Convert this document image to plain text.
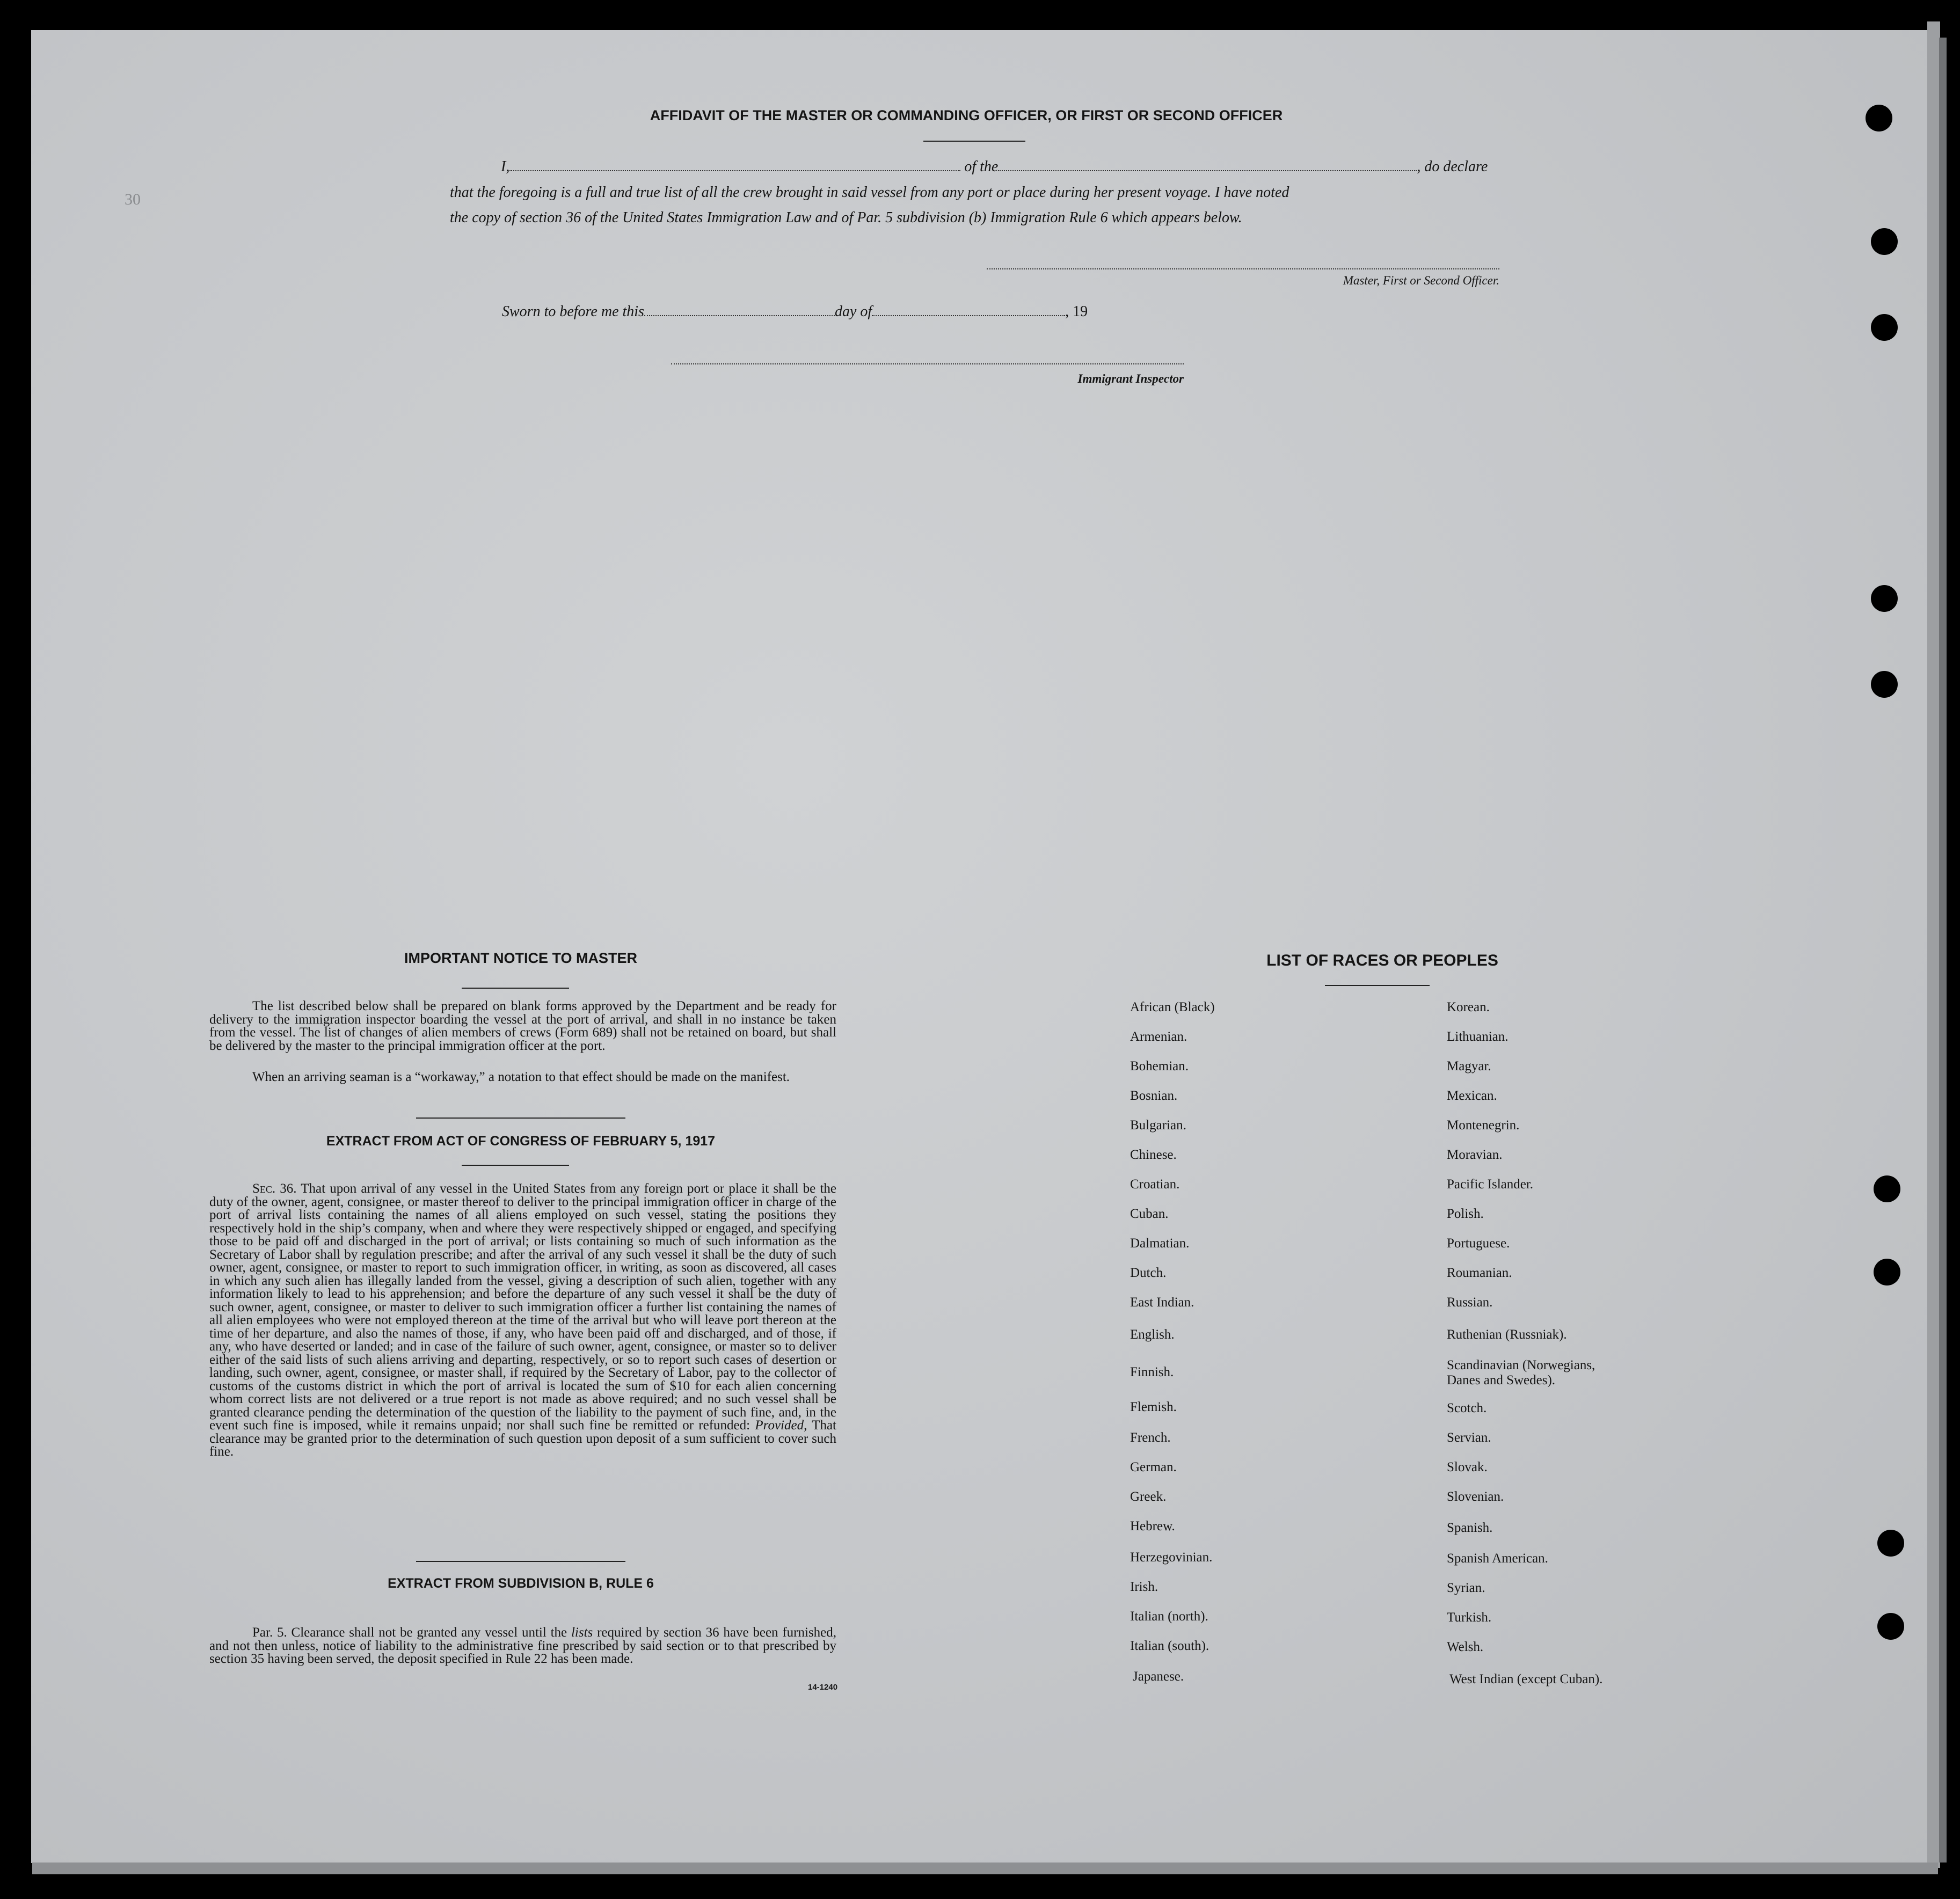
30
AFFIDAVIT OF THE MASTER OR COMMANDING OFFICER, OR FIRST OR SECOND OFFICER
I,	of the	, do declare
that the foregoing is a full and true list of all the crew brought in said vessel from any port or place during her present voyage. I have noted
the copy of section 36 of the United States Immigration Law and of Par. 5 subdivision (b) Immigration Rule 6 which appears below.
Master, First or Second Officer.
Sworn to before me this	day of	, 19
Immigrant Inspector
IMPORTANT NOTICE TO MASTER
The list described below shall be prepared on blank forms approved by the Department and be ready for delivery to the immigration inspector boarding the vessel at the port of arrival, and shall in no instance be taken from the vessel. The list of changes of alien members of crews (Form 689) shall not be retained on board, but shall be delivered by the master to the principal immigration officer at the port.
When an arriving seaman is a “workaway,” a notation to that effect should be made on the manifest.
EXTRACT FROM ACT OF CONGRESS OF FEBRUARY 5, 1917
Sec. 36. That upon arrival of any vessel in the United States from any foreign port or place it shall be the duty of the owner, agent, consignee, or master thereof to deliver to the principal immigration officer in charge of the port of arrival lists containing the names of all aliens employed on such vessel, stating the positions they respectively hold in the ship’s company, when and where they were respectively shipped or engaged, and specifying those to be paid off and discharged in the port of arrival; or lists containing so much of such information as the Secretary of Labor shall by regulation prescribe; and after the arrival of any such vessel it shall be the duty of such owner, agent, consignee, or master to report to such immigration officer, in writing, as soon as discovered, all cases in which any such alien has illegally landed from the vessel, giving a description of such alien, together with any information likely to lead to his apprehension; and before the departure of any such vessel it shall be the duty of such owner, agent, consignee, or master to deliver to such immigration officer a further list containing the names of all alien employees who were not employed thereon at the time of the arrival but who will leave port thereon at the time of her departure, and also the names of those, if any, who have been paid off and discharged, and of those, if any, who have deserted or landed; and in case of the failure of such owner, agent, consignee, or master so to deliver either of the said lists of such aliens arriving and departing, respectively, or so to report such cases of desertion or landing, such owner, agent, consignee, or master shall, if required by the Secretary of Labor, pay to the collector of customs of the customs district in which the port of arrival is located the sum of $10 for each alien concerning whom correct lists are not delivered or a true report is not made as above required; and no such vessel shall be granted clearance pending the determination of the question of the liability to the payment of such fine, and, in the event such fine is imposed, while it remains unpaid; nor shall such fine be remitted or refunded: Provided, That clearance may be granted prior to the determination of such question upon deposit of a sum sufficient to cover such fine.
EXTRACT FROM SUBDIVISION B, RULE 6
Par. 5. Clearance shall not be granted any vessel until the lists required by section 36 have been furnished, and not then unless, notice of liability to the administrative fine prescribed by said section or to that prescribed by section 35 having been served, the deposit specified in Rule 22 has been made.
14-1240
LIST OF RACES OR PEOPLES
African (Black)
Armenian.
Bohemian.
Bosnian.
Bulgarian.
Chinese.
Croatian.
Cuban.
Dalmatian.
Dutch.
East Indian.
English.
Finnish.
Flemish.
French.
German.
Greek.
Hebrew.
Herzegovinian.
Irish.
Italian (north).
Italian (south).
Japanese.
Korean.
Lithuanian.
Magyar.
Mexican.
Montenegrin.
Moravian.
Pacific Islander.
Polish.
Portuguese.
Roumanian.
Russian.
Ruthenian (Russniak).
Scandinavian (Norwegians,
Danes and Swedes).
Scotch.
Servian.
Slovak.
Slovenian.
Spanish.
Spanish American.
Syrian.
Turkish.
Welsh.
West Indian (except Cuban).
